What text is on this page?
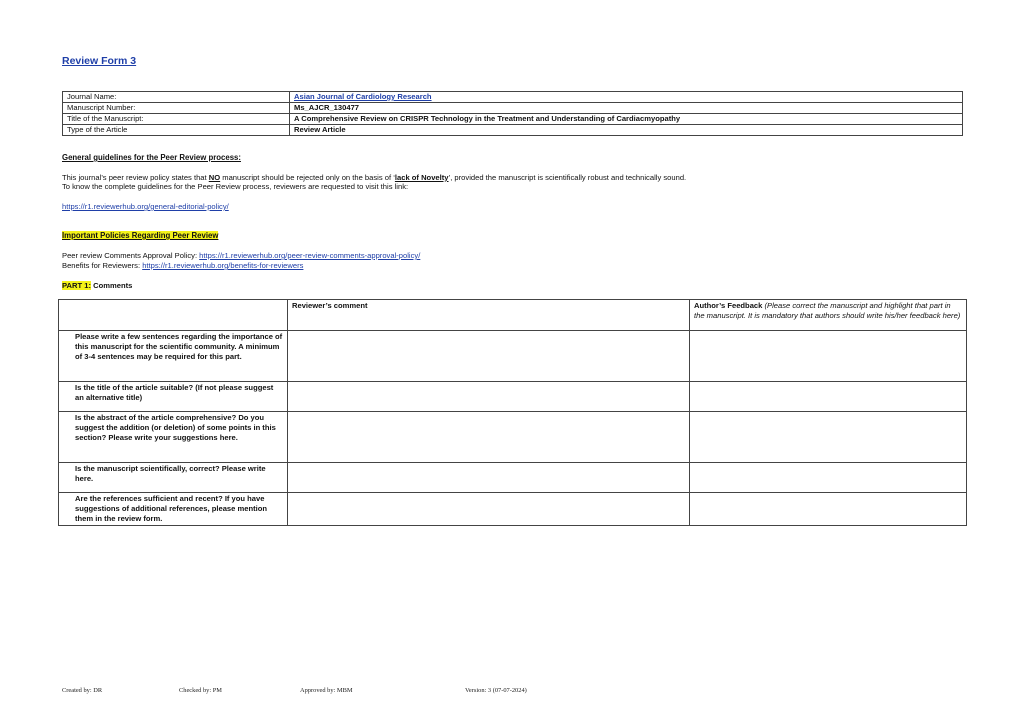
Review Form 3
Journal Name:	Asian Journal of Cardiology Research
Manuscript Number:	Ms_AJCR_130477
Title of the Manuscript:	A Comprehensive Review on CRISPR Technology in the Treatment and Understanding of Cardiacmyopathy
Type of the Article	Review Article
General guidelines for the Peer Review process:
This journal’s peer review policy states that NO manuscript should be rejected only on the basis of ‘lack of Novelty’, provided the manuscript is scientifically robust and technically sound.
To know the complete guidelines for the Peer Review process, reviewers are requested to visit this link:
https://r1.reviewerhub.org/general-editorial-policy/
Important Policies Regarding Peer Review
Peer review Comments Approval Policy: https://r1.reviewerhub.org/peer-review-comments-approval-policy/
Benefits for Reviewers: https://r1.reviewerhub.org/benefits-for-reviewers
PART 1: Comments
	Reviewer’s comment	Author’s Feedback (Please correct the manuscript and highlight that part in the manuscript. It is mandatory that authors should write his/her feedback here)
Please write a few sentences regarding the importance of this manuscript for the scientific community. A minimum of 3-4 sentences may be required for this part.		
Is the title of the article suitable? (If not please suggest an alternative title)		
Is the abstract of the article comprehensive? Do you suggest the addition (or deletion) of some points in this section? Please write your suggestions here.		
Is the manuscript scientifically, correct? Please write here.		
Are the references sufficient and recent? If you have suggestions of additional references, please mention them in the review form.		
Created by: DR	Checked by: PM	Approved by: MBM	Version: 3 (07-07-2024)
